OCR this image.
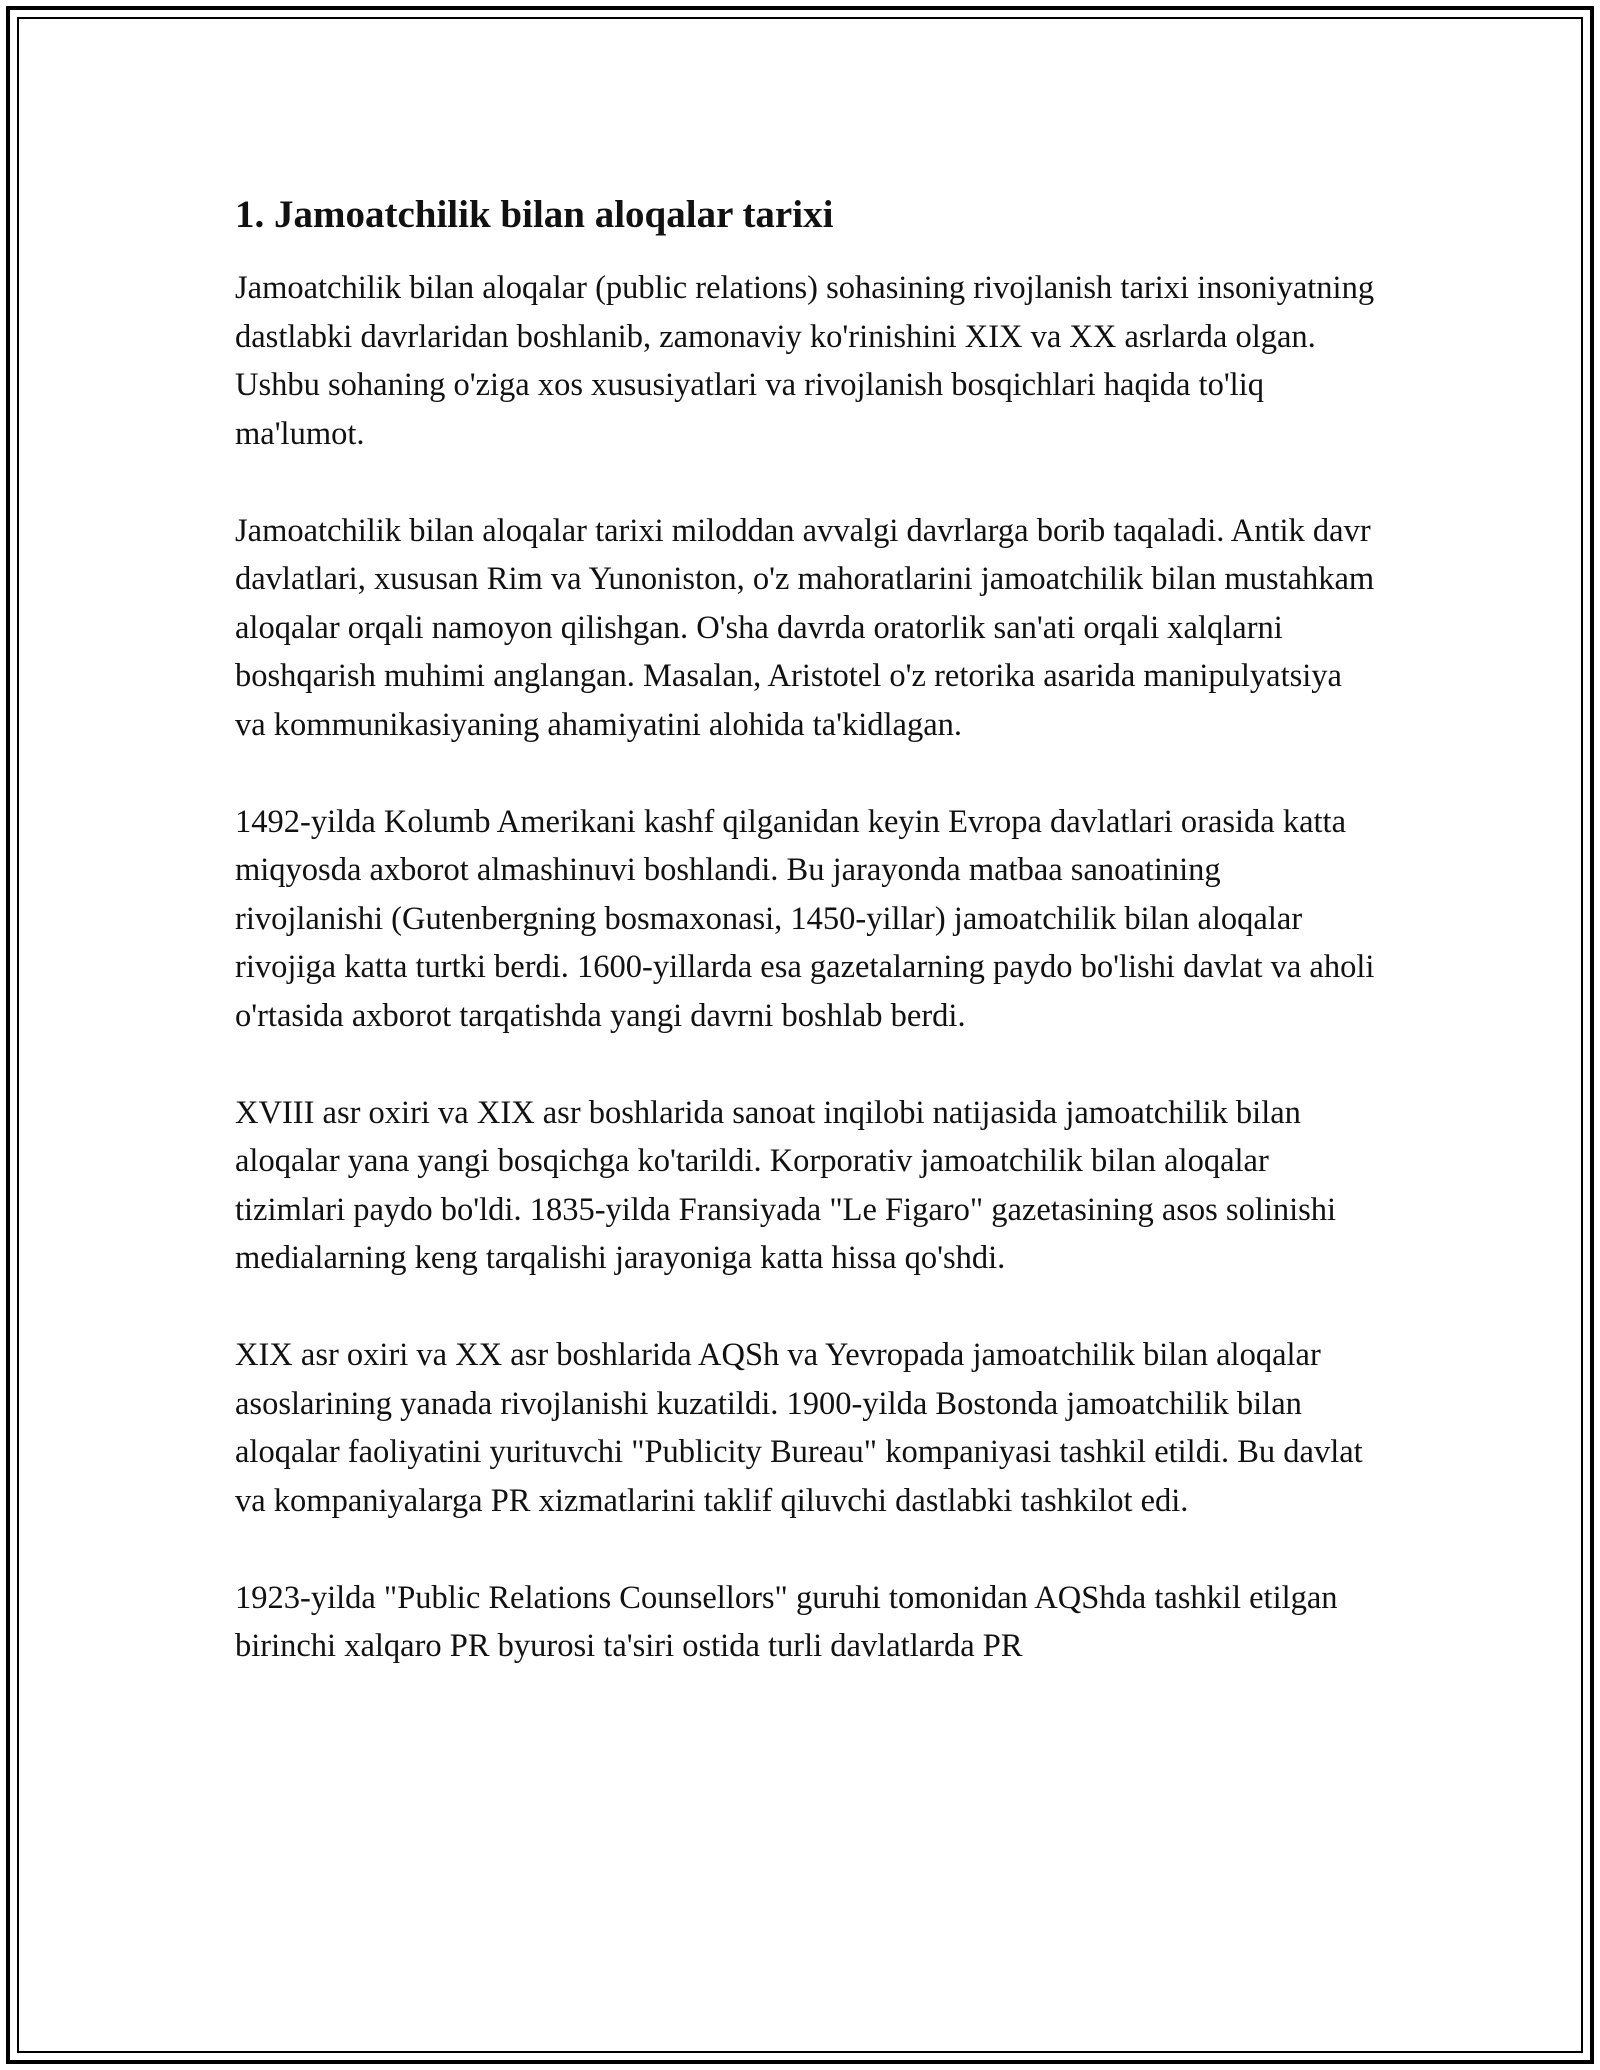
1. Jamoatchilik bilan aloqalar tarixi

Jamoatchilik bilan aloqalar (public relations) sohasining rivojlanish tarixi insoniyatning dastlabki davrlaridan boshlanib, zamonaviy ko'rinishini XIX va XX asrlarda olgan. Ushbu sohaning o'ziga xos xususiyatlari va rivojlanish bosqichlari haqida to'liq ma'lumot.

Jamoatchilik bilan aloqalar tarixi miloddan avvalgi davrlarga borib taqaladi. Antik davr davlatlari, xususan Rim va Yunoniston, o'z mahoratlarini jamoatchilik bilan mustahkam aloqalar orqali namoyon qilishgan. O'sha davrda oratorlik san'ati orqali xalqlarni boshqarish muhimi anglangan. Masalan, Aristotel o'z retorika asarida manipulyatsiya va kommunikasiyaning ahamiyatini alohida ta'kidlagan.

1492-yilda Kolumb Amerikani kashf qilganidan keyin Evropa davlatlari orasida katta miqyosda axborot almashinuvi boshlandi. Bu jarayonda matbaa sanoatining rivojlanishi (Gutenbergning bosmaxonasi, 1450-yillar) jamoatchilik bilan aloqalar rivojiga katta turtki berdi. 1600-yillarda esa gazetalarning paydo bo'lishi davlat va aholi o'rtasida axborot tarqatishda yangi davrni boshlab berdi.

XVIII asr oxiri va XIX asr boshlarida sanoat inqilobi natijasida jamoatchilik bilan aloqalar yana yangi bosqichga ko'tarildi. Korporativ jamoatchilik bilan aloqalar tizimlari paydo bo'ldi. 1835-yilda Fransiyada "Le Figaro" gazetasining asos solinishi medialarning keng tarqalishi jarayoniga katta hissa qo'shdi.

XIX asr oxiri va XX asr boshlarida AQSh va Yevropada jamoatchilik bilan aloqalar asoslarining yanada rivojlanishi kuzatildi. 1900-yilda Bostonda jamoatchilik bilan aloqalar faoliyatini yurituvchi "Publicity Bureau" kompaniyasi tashkil etildi. Bu davlat va kompaniyalarga PR xizmatlarini taklif qiluvchi dastlabki tashkilot edi.

1923-yilda "Public Relations Counsellors" guruhi tomonidan AQShda tashkil etilgan birinchi xalqaro PR byurosi ta'siri ostida turli davlatlarda PR
